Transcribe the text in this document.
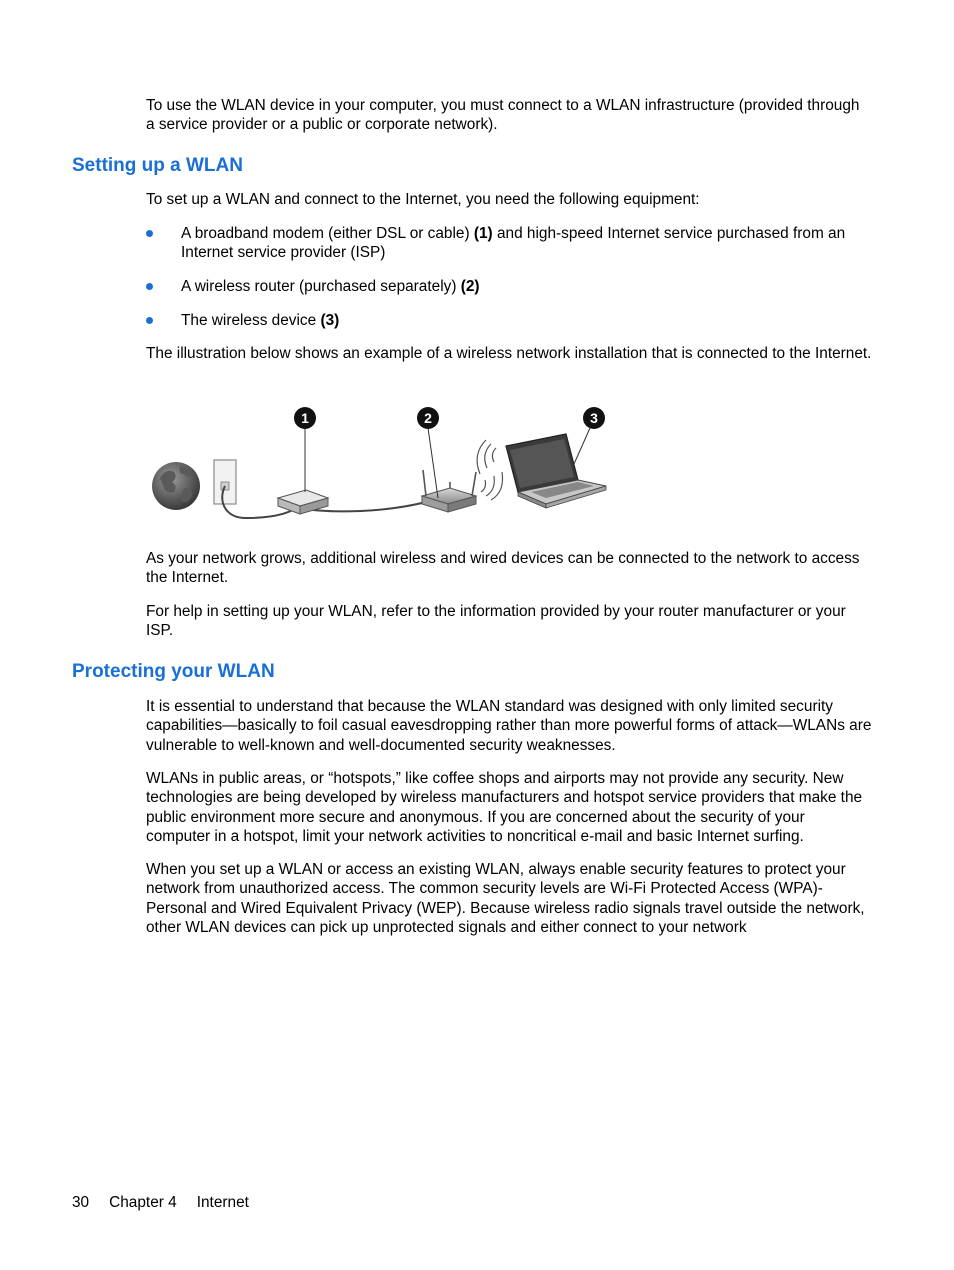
To use the WLAN device in your computer, you must connect to a WLAN infrastructure (provided through a service provider or a public or corporate network).

Setting up a WLAN

To set up a WLAN and connect to the Internet, you need the following equipment:

A broadband modem (either DSL or cable) (1) and high-speed Internet service purchased from an Internet service provider (ISP)
A wireless router (purchased separately) (2)
The wireless device (3)

The illustration below shows an example of a wireless network installation that is connected to the Internet.

1	2	3

As your network grows, additional wireless and wired devices can be connected to the network to access the Internet.

For help in setting up your WLAN, refer to the information provided by your router manufacturer or your ISP.

Protecting your WLAN

It is essential to understand that because the WLAN standard was designed with only limited security capabilities—basically to foil casual eavesdropping rather than more powerful forms of attack—WLANs are vulnerable to well-known and well-documented security weaknesses.

WLANs in public areas, or “hotspots,” like coffee shops and airports may not provide any security. New technologies are being developed by wireless manufacturers and hotspot service providers that make the public environment more secure and anonymous. If you are concerned about the security of your computer in a hotspot, limit your network activities to noncritical e-mail and basic Internet surfing.

When you set up a WLAN or access an existing WLAN, always enable security features to protect your network from unauthorized access. The common security levels are Wi-Fi Protected Access (WPA)-Personal and Wired Equivalent Privacy (WEP). Because wireless radio signals travel outside the network, other WLAN devices can pick up unprotected signals and either connect to your network

30 Chapter 4 Internet
